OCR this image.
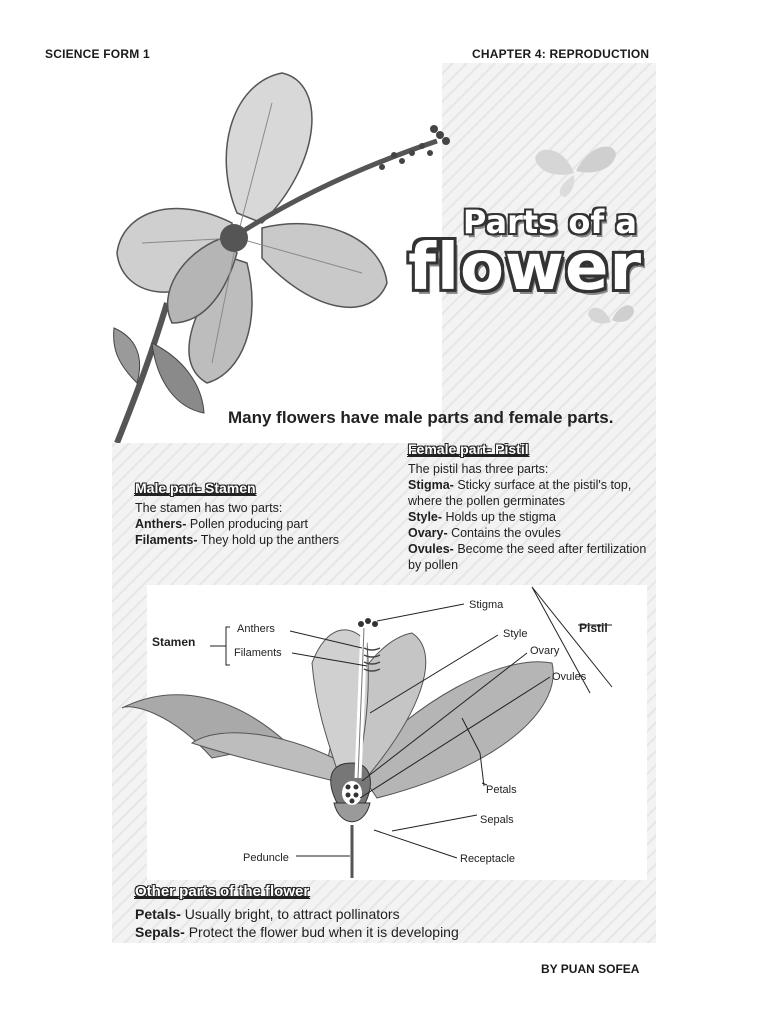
SCIENCE FORM 1	CHAPTER 4: REPRODUCTION
Parts of a
flower
Many flowers have male parts and female parts.
Female part- Pistil
The pistil has three parts:
Stigma- Sticky surface at the pistil's top, where the pollen germinates
Style- Holds up the stigma
Ovary- Contains the ovules
Ovules- Become the seed after fertilization by pollen
Male part- Stamen
The stamen has two parts:
Anthers- Pollen producing part
Filaments- They hold up the anthers
Stamen
Anthers
Filaments
Stigma
Style
Ovary
Ovules
Pistil
Petals
Sepals
Peduncle	Receptacle
Other parts of the flower
Petals- Usually bright, to attract pollinators
Sepals- Protect the flower bud when it is developing
BY PUAN SOFEA
